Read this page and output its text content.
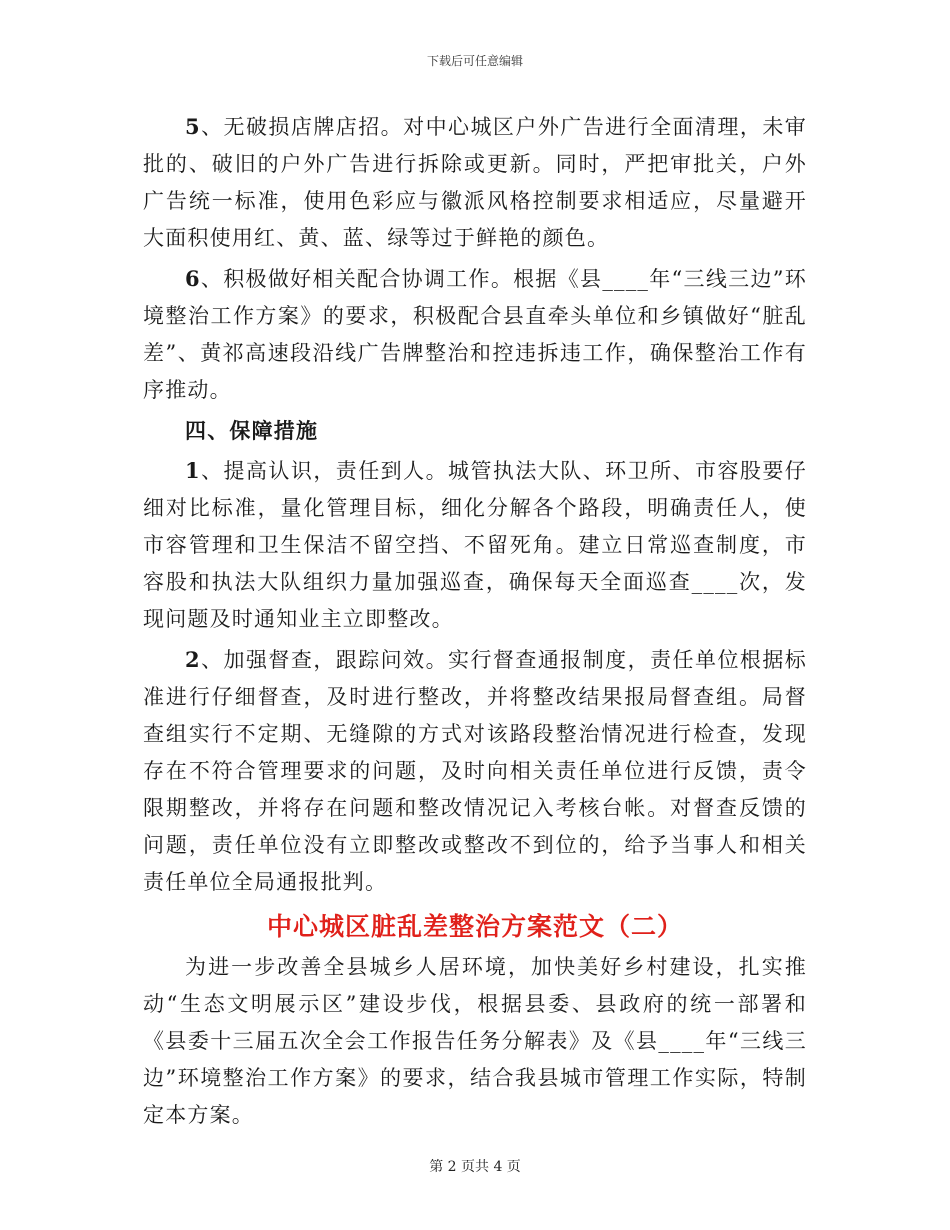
下载后可任意编辑

5、无破损店牌店招。对中心城区户外广告进行全面清理，未审批的、破旧的户外广告进行拆除或更新。同时，严把审批关，户外广告统一标准，使用色彩应与徽派风格控制要求相适应，尽量避开大面积使用红、黄、蓝、绿等过于鲜艳的颜色。

6、积极做好相关配合协调工作。根据《县____年“三线三边”环境整治工作方案》的要求，积极配合县直牵头单位和乡镇做好“脏乱差”、黄祁高速段沿线广告牌整治和控违拆违工作，确保整治工作有序推动。

四、保障措施

1、提高认识，责任到人。城管执法大队、环卫所、市容股要仔细对比标准，量化管理目标，细化分解各个路段，明确责任人，使市容管理和卫生保洁不留空挡、不留死角。建立日常巡查制度，市容股和执法大队组织力量加强巡查，确保每天全面巡查____次，发现问题及时通知业主立即整改。

2、加强督查，跟踪问效。实行督查通报制度，责任单位根据标准进行仔细督查，及时进行整改，并将整改结果报局督查组。局督查组实行不定期、无缝隙的方式对该路段整治情况进行检查，发现存在不符合管理要求的问题，及时向相关责任单位进行反馈，责令限期整改，并将存在问题和整改情况记入考核台帐。对督查反馈的问题，责任单位没有立即整改或整改不到位的，给予当事人和相关责任单位全局通报批判。

中心城区脏乱差整治方案范文（二）

为进一步改善全县城乡人居环境，加快美好乡村建设，扎实推动“生态文明展示区”建设步伐，根据县委、县政府的统一部署和《县委十三届五次全会工作报告任务分解表》及《县____年“三线三边”环境整治工作方案》的要求，结合我县城市管理工作实际，特制定本方案。

第 2 页共 4 页
